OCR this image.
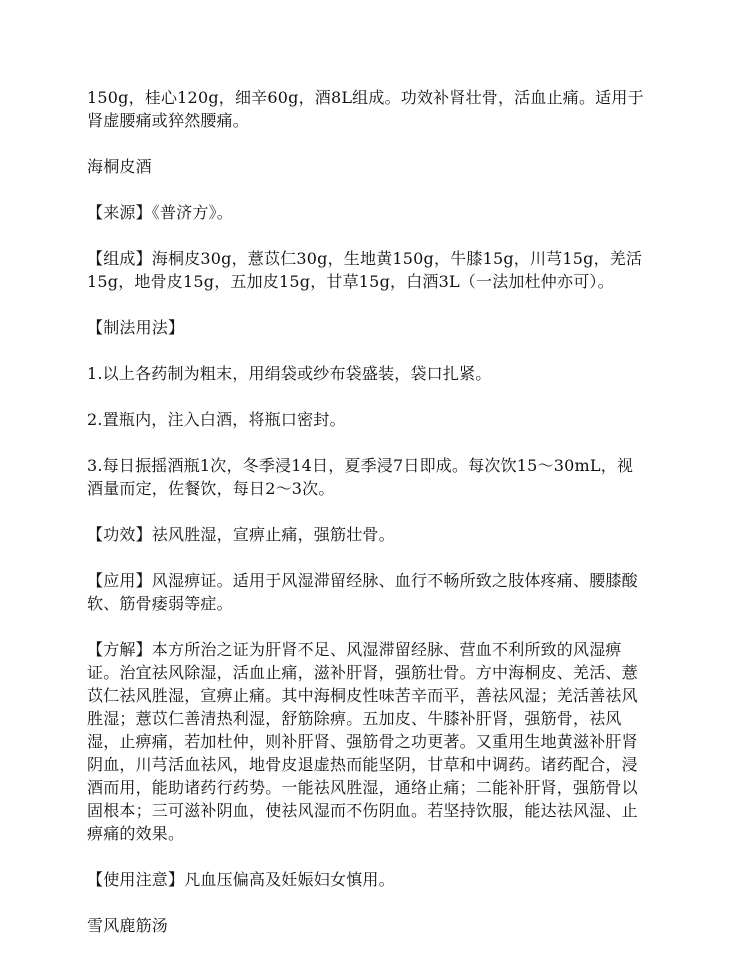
150g，桂心120g，细辛60g，酒8L组成。功效补肾壮骨，活血止痛。适用于肾虚腰痛或猝然腰痛。

海桐皮酒

【来源】《普济方》。

【组成】海桐皮30g，薏苡仁30g，生地黄150g，牛膝15g，川芎15g，羌活15g，地骨皮15g，五加皮15g，甘草15g，白酒3L（一法加杜仲亦可）。

【制法用法】

1.以上各药制为粗末，用绢袋或纱布袋盛装，袋口扎紧。

2.置瓶内，注入白酒，将瓶口密封。

3.每日振摇酒瓶1次，冬季浸14日，夏季浸7日即成。每次饮15～30mL，视酒量而定，佐餐饮，每日2～3次。

【功效】祛风胜湿，宣痹止痛，强筋壮骨。

【应用】风湿痹证。适用于风湿滞留经脉、血行不畅所致之肢体疼痛、腰膝酸软、筋骨痿弱等症。

【方解】本方所治之证为肝肾不足、风湿滞留经脉、营血不利所致的风湿痹证。治宜祛风除湿，活血止痛，滋补肝肾，强筋壮骨。方中海桐皮、羌活、薏苡仁祛风胜湿，宣痹止痛。其中海桐皮性味苦辛而平，善祛风湿；羌活善祛风胜湿；薏苡仁善清热利湿，舒筋除痹。五加皮、牛膝补肝肾，强筋骨，祛风湿，止痹痛，若加杜仲，则补肝肾、强筋骨之功更著。又重用生地黄滋补肝肾阴血，川芎活血祛风，地骨皮退虚热而能坚阴，甘草和中调药。诸药配合，浸酒而用，能助诸药行药势。一能祛风胜湿，通络止痛；二能补肝肾，强筋骨以固根本；三可滋补阴血，使祛风湿而不伤阴血。若坚持饮服，能达祛风湿、止痹痛的效果。

【使用注意】凡血压偏高及妊娠妇女慎用。

雪风鹿筋汤
